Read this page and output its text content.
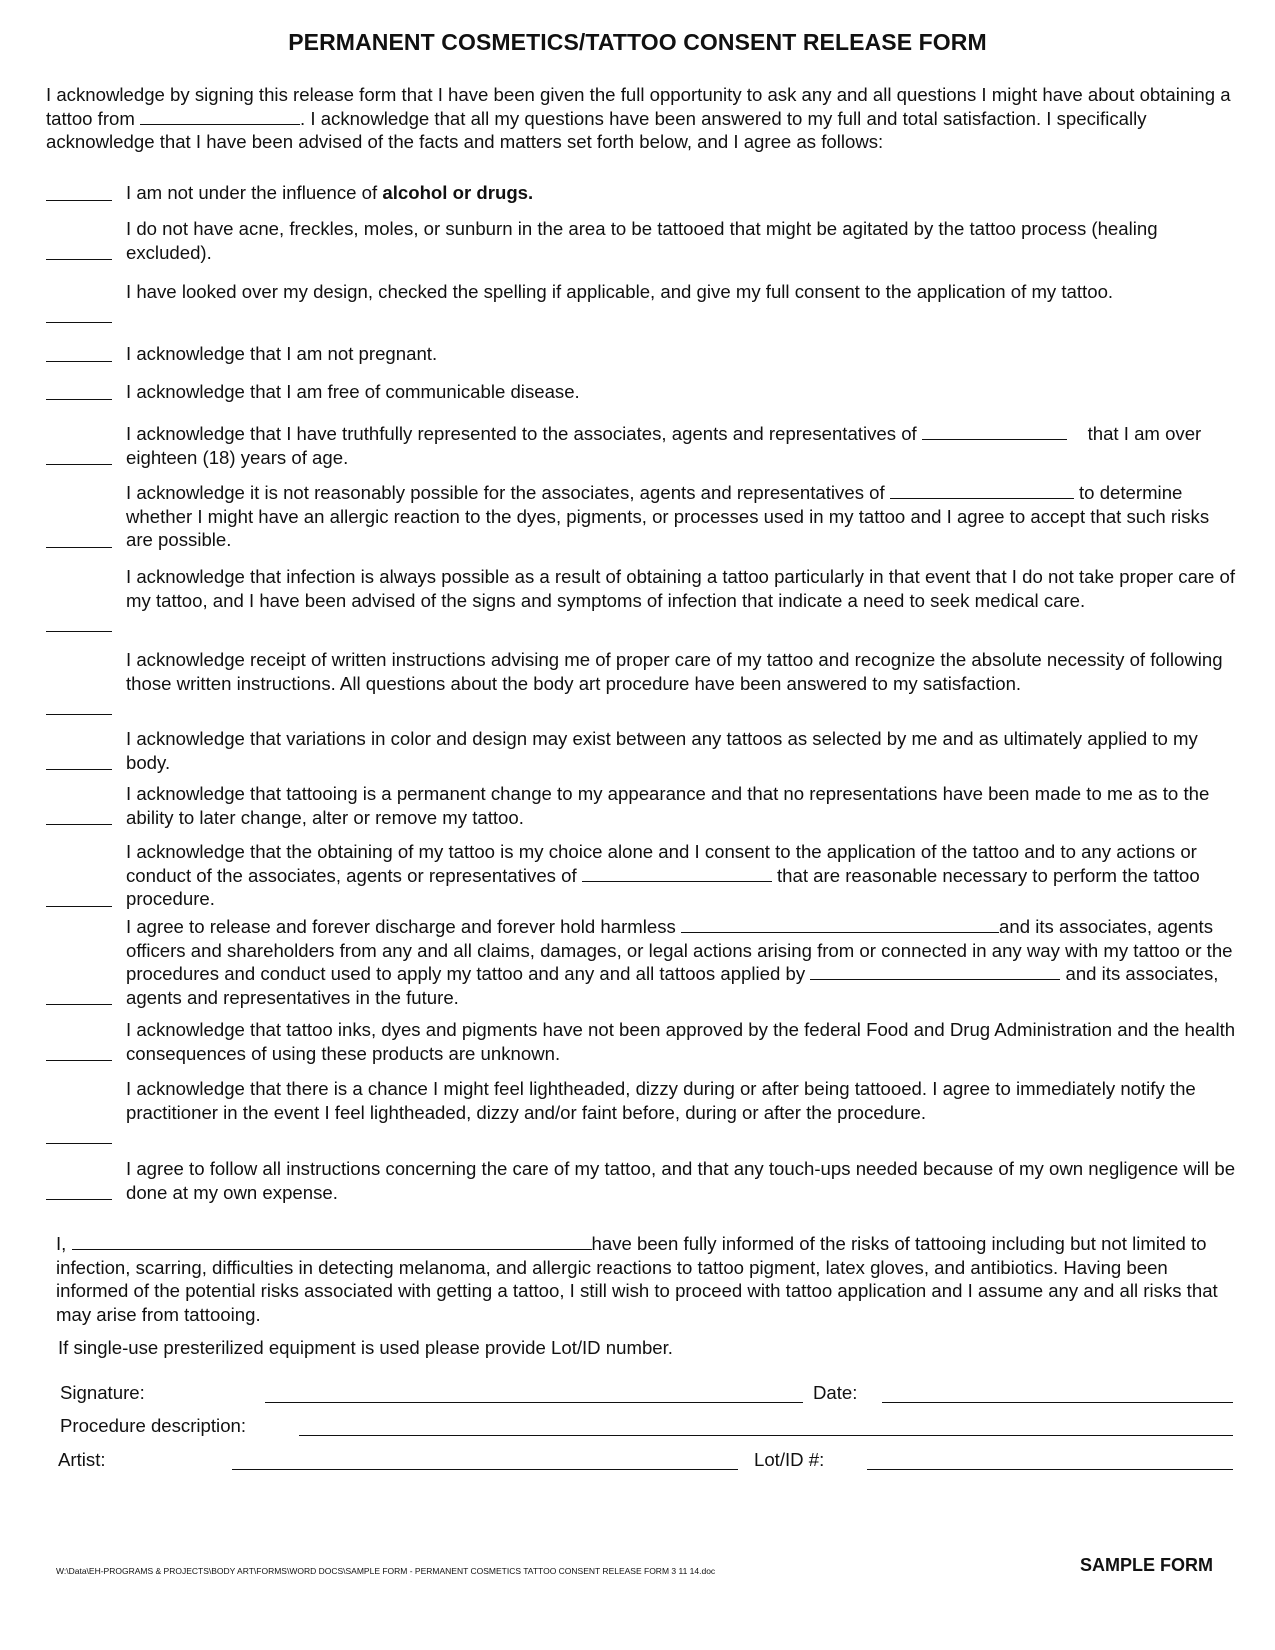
PERMANENT COSMETICS/TATTOO CONSENT RELEASE FORM
I acknowledge by signing this release form that I have been given the full opportunity to ask any and all questions I might have about obtaining a tattoo from	. I acknowledge that all my questions have been answered to my full and total satisfaction. I specifically acknowledge that I have been advised of the facts and matters set forth below, and I agree as follows:
I am not under the influence of alcohol or drugs.
I do not have acne, freckles, moles, or sunburn in the area to be tattooed that might be agitated by the tattoo process (healing excluded).
I have looked over my design, checked the spelling if applicable, and give my full consent to the application of my tattoo.
I acknowledge that I am not pregnant.
I acknowledge that I am free of communicable disease.
I acknowledge that I have truthfully represented to the associates, agents and representatives of	that I am over eighteen (18) years of age.
I acknowledge it is not reasonably possible for the associates, agents and representatives of	to determine whether I might have an allergic reaction to the dyes, pigments, or processes used in my tattoo and I agree to accept that such risks are possible.
I acknowledge that infection is always possible as a result of obtaining a tattoo particularly in that event that I do not take proper care of my tattoo, and I have been advised of the signs and symptoms of infection that indicate a need to seek medical care.
I acknowledge receipt of written instructions advising me of proper care of my tattoo and recognize the absolute necessity of following those written instructions. All questions about the body art procedure have been answered to my satisfaction.
I acknowledge that variations in color and design may exist between any tattoos as selected by me and as ultimately applied to my body.
I acknowledge that tattooing is a permanent change to my appearance and that no representations have been made to me as to the ability to later change, alter or remove my tattoo.
I acknowledge that the obtaining of my tattoo is my choice alone and I consent to the application of the tattoo and to any actions or conduct of the associates, agents or representatives of	that are reasonable necessary to perform the tattoo procedure.
I agree to release and forever discharge and forever hold harmless	and its associates, agents officers and shareholders from any and all claims, damages, or legal actions arising from or connected in any way with my tattoo or the procedures and conduct used to apply my tattoo and any and all tattoos applied by	and its associates, agents and representatives in the future.
I acknowledge that tattoo inks, dyes and pigments have not been approved by the federal Food and Drug Administration and the health consequences of using these products are unknown.
I acknowledge that there is a chance I might feel lightheaded, dizzy during or after being tattooed. I agree to immediately notify the practitioner in the event I feel lightheaded, dizzy and/or faint before, during or after the procedure.
I agree to follow all instructions concerning the care of my tattoo, and that any touch-ups needed because of my own negligence will be done at my own expense.
I,	have been fully informed of the risks of tattooing including but not limited to infection, scarring, difficulties in detecting melanoma, and allergic reactions to tattoo pigment, latex gloves, and antibiotics. Having been informed of the potential risks associated with getting a tattoo, I still wish to proceed with tattoo application and I assume any and all risks that may arise from tattooing.
If single-use presterilized equipment is used please provide Lot/ID number.
Signature:	Date:
Procedure description:
Artist:	Lot/ID #:
W:\Data\EH-PROGRAMS & PROJECTS\BODY ART\FORMS\WORD DOCS\SAMPLE FORM - PERMANENT COSMETICS TATTOO CONSENT RELEASE FORM 3 11 14.doc	SAMPLE FORM
